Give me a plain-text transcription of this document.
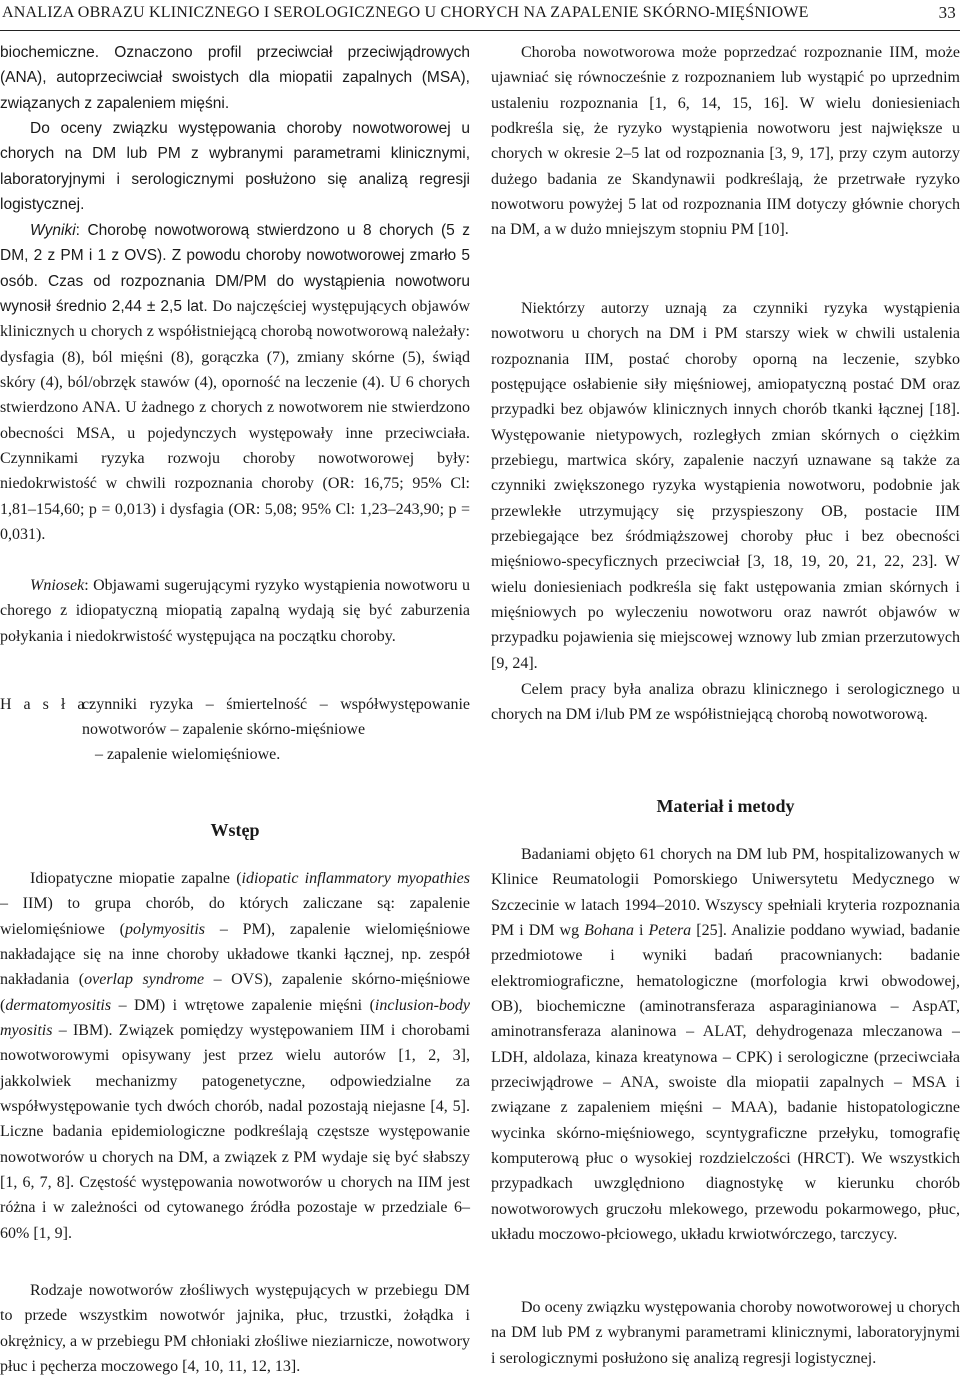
ANALIZA OBRAZU KLINICZNEGO I SEROLOGICZNEGO U CHORYCH NA ZAPALENIE SKÓRNO-MIĘŚNIOWE	33

biochemiczne. Oznaczono profil przeciwciał przeciwjądrowych (ANA), autoprzeciwciał swoistych dla miopatii zapalnych (MSA), związanych z zapaleniem mięśni.

Do oceny związku występowania choroby nowotworowej u chorych na DM lub PM z wybranymi parametrami klinicznymi, laboratoryjnymi i serologicznymi posłużono się analizą regresji logistycznej.

Wyniki: Chorobę nowotworową stwierdzono u 8 chorych (5 z DM, 2 z PM i 1 z OVS). Z powodu choroby nowotworowej zmarło 5 osób. Czas od rozpoznania DM/PM do wystąpienia nowotworu wynosił średnio 2,44 ± 2,5 lat. Do najczęściej występujących objawów klinicznych u chorych z współistniejącą chorobą nowotworową należały: dysfagia (8), ból mięśni (8), gorączka (7), zmiany skórne (5), świąd skóry (4), ból/obrzęk stawów (4), oporność na leczenie (4). U 6 chorych stwierdzono ANA. U żadnego z chorych z nowotworem nie stwierdzono obecności MSA, u pojedynczych występowały inne przeciwciała. Czynnikami ryzyka rozwoju choroby nowotworowej były: niedokrwistość w chwili rozpoznania choroby (OR: 16,75; 95% Cl: 1,81–154,60; p = 0,013) i dysfagia (OR: 5,08; 95% Cl: 1,23–243,90; p = 0,031).

Wniosek: Objawami sugerującymi ryzyko wystąpienia nowotworu u chorego z idiopatyczną miopatią zapalną wydają się być zaburzenia połykania i niedokrwistość występująca na początku choroby.

H a s ł a:
czynniki ryzyka – śmiertelność – współwystępowanie nowotworów – zapalenie skórno-mięśniowe
– zapalenie wielomięśniowe.
Wstęp

Idiopatyczne miopatie zapalne (idiopatic inflammatory myopathies – IIM) to grupa chorób, do których zaliczane są: zapalenie wielomięśniowe (polymyositis – PM), zapalenie wielomięśniowe nakładające się na inne choroby układowe tkanki łącznej, np. zespół nakładania (overlap syndrome – OVS), zapalenie skórno-mięśniowe (dermatomyositis – DM) i wtrętowe zapalenie mięśni (inclusion-body myositis – IBM). Związek pomiędzy występowaniem IIM i chorobami nowotworowymi opisywany jest przez wielu autorów [1, 2, 3], jakkolwiek mechanizmy patogenetyczne, odpowiedzialne za współwystępowanie tych dwóch chorób, nadal pozostają niejasne [4, 5]. Liczne badania epidemiologiczne podkreślają częstsze występowanie nowotworów u chorych na DM, a związek z PM wydaje się być słabszy [1, 6, 7, 8]. Częstość występowania nowotworów u chorych na IIM jest różna i w zależności od cytowanego źródła pozostaje w przedziale 6–60% [1, 9].

Rodzaje nowotworów złośliwych występujących w przebiegu DM to przede wszystkim nowotwór jajnika, płuc, trzustki, żołądka i okrężnicy, a w przebiegu PM chłoniaki złośliwe nieziarnicze, nowotwory płuc i pęcherza moczowego [4, 10, 11, 12, 13].

Choroba nowotworowa może poprzedzać rozpoznanie IIM, może ujawniać się równocześnie z rozpoznaniem lub wystąpić po uprzednim ustaleniu rozpoznania [1, 6, 14, 15, 16]. W wielu doniesieniach podkreśla się, że ryzyko wystąpienia nowotworu jest największe u chorych w okresie 2–5 lat od rozpoznania [3, 9, 17], przy czym autorzy dużego badania ze Skandynawii podkreślają, że przetrwałe ryzyko nowotworu powyżej 5 lat od rozpoznania IIM dotyczy głównie chorych na DM, a w dużo mniejszym stopniu PM [10].

Niektórzy autorzy uznają za czynniki ryzyka wystąpienia nowotworu u chorych na DM i PM starszy wiek w chwili ustalenia rozpoznania IIM, postać choroby oporną na leczenie, szybko postępujące osłabienie siły mięśniowej, amiopatyczną postać DM oraz przypadki bez objawów klinicznych innych chorób tkanki łącznej [18]. Występowanie nietypowych, rozległych zmian skórnych o ciężkim przebiegu, martwica skóry, zapalenie naczyń uznawane są także za czynniki zwiększonego ryzyka wystąpienia nowotworu, podobnie jak przewlekłe utrzymujący się przyspieszony OB, postacie IIM przebiegające bez śródmiąższowej choroby płuc i bez obecności mięśniowo-specyficznych przeciwciał [3, 18, 19, 20, 21, 22, 23]. W wielu doniesieniach podkreśla się fakt ustępowania zmian skórnych i mięśniowych po wyleczeniu nowotworu oraz nawrót objawów w przypadku pojawienia się miejscowej wznowy lub zmian przerzutowych [9, 24].

Celem pracy była analiza obrazu klinicznego i serologicznego u chorych na DM i/lub PM ze współistniejącą chorobą nowotworową.

Materiał i metody

Badaniami objęto 61 chorych na DM lub PM, hospitalizowanych w Klinice Reumatologii Pomorskiego Uniwersytetu Medycznego w Szczecinie w latach 1994–2010. Wszyscy spełniali kryteria rozpoznania PM i DM wg Bohana i Petera [25]. Analizie poddano wywiad, badanie przedmiotowe i wyniki badań pracownianych: badanie elektromiograficzne, hematologiczne (morfologia krwi obwodowej, OB), biochemiczne (aminotransferaza asparaginianowa – AspAT, aminotransferaza alaninowa – ALAT, dehydrogenaza mleczanowa – LDH, aldolaza, kinaza kreatynowa – CPK) i serologiczne (przeciwciała przeciwjądrowe – ANA, swoiste dla miopatii zapalnych – MSA i związane z zapaleniem mięśni – MAA), badanie histopatologiczne wycinka skórno-mięśniowego, scyntygraficzne przełyku, tomografię komputerową płuc o wysokiej rozdzielczości (HRCT). We wszystkich przypadkach uwzględniono diagnostykę w kierunku chorób nowotworowych gruczołu mlekowego, przewodu pokarmowego, płuc, układu moczowo-płciowego, układu krwiotwórczego, tarczycy.

Do oceny związku występowania choroby nowotworowej u chorych na DM lub PM z wybranymi parametrami klinicznymi, laboratoryjnymi i serologicznymi posłużono się analizą regresji logistycznej.
